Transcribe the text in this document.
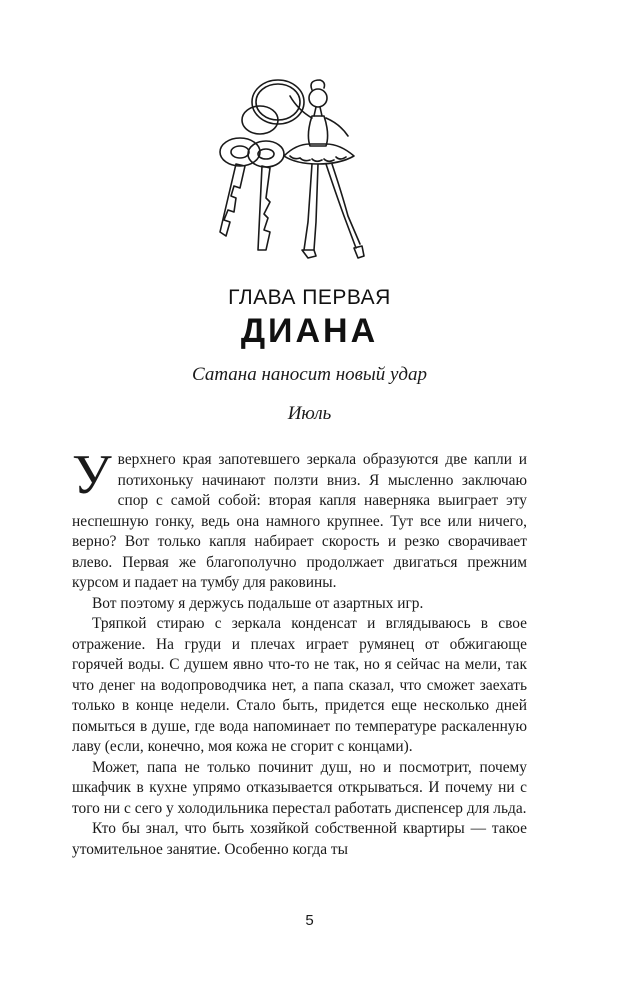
ГЛАВА ПЕРВАЯ
ДИАНА
Сатана наносит новый удар
Июль

У верхнего края запотевшего зеркала образуются две капли и потихоньку начинают ползти вниз. Я мысленно заключаю спор с самой собой: вторая капля наверняка выиграет эту неспешную гонку, ведь она намного крупнее. Тут все или ничего, верно? Вот только капля набирает скорость и резко сворачивает влево. Первая же благополучно продолжает двигаться прежним курсом и падает на тумбу для раковины.

Вот поэтому я держусь подальше от азартных игр.

Тряпкой стираю с зеркала конденсат и вглядываюсь в свое отражение. На груди и плечах играет румянец от обжигающе горячей воды. С душем явно что-то не так, но я сейчас на мели, так что денег на водопроводчика нет, а папа сказал, что сможет заехать только в конце недели. Стало быть, придется еще несколько дней помыться в душе, где вода напоминает по температуре раскаленную лаву (если, конечно, моя кожа не сгорит с концами).

Может, папа не только починит душ, но и посмотрит, почему шкафчик в кухне упрямо отказывается открываться. И почему ни с того ни с сего у холодильника перестал работать диспенсер для льда.

Кто бы знал, что быть хозяйкой собственной квартиры — такое утомительное занятие. Особенно когда ты

5
